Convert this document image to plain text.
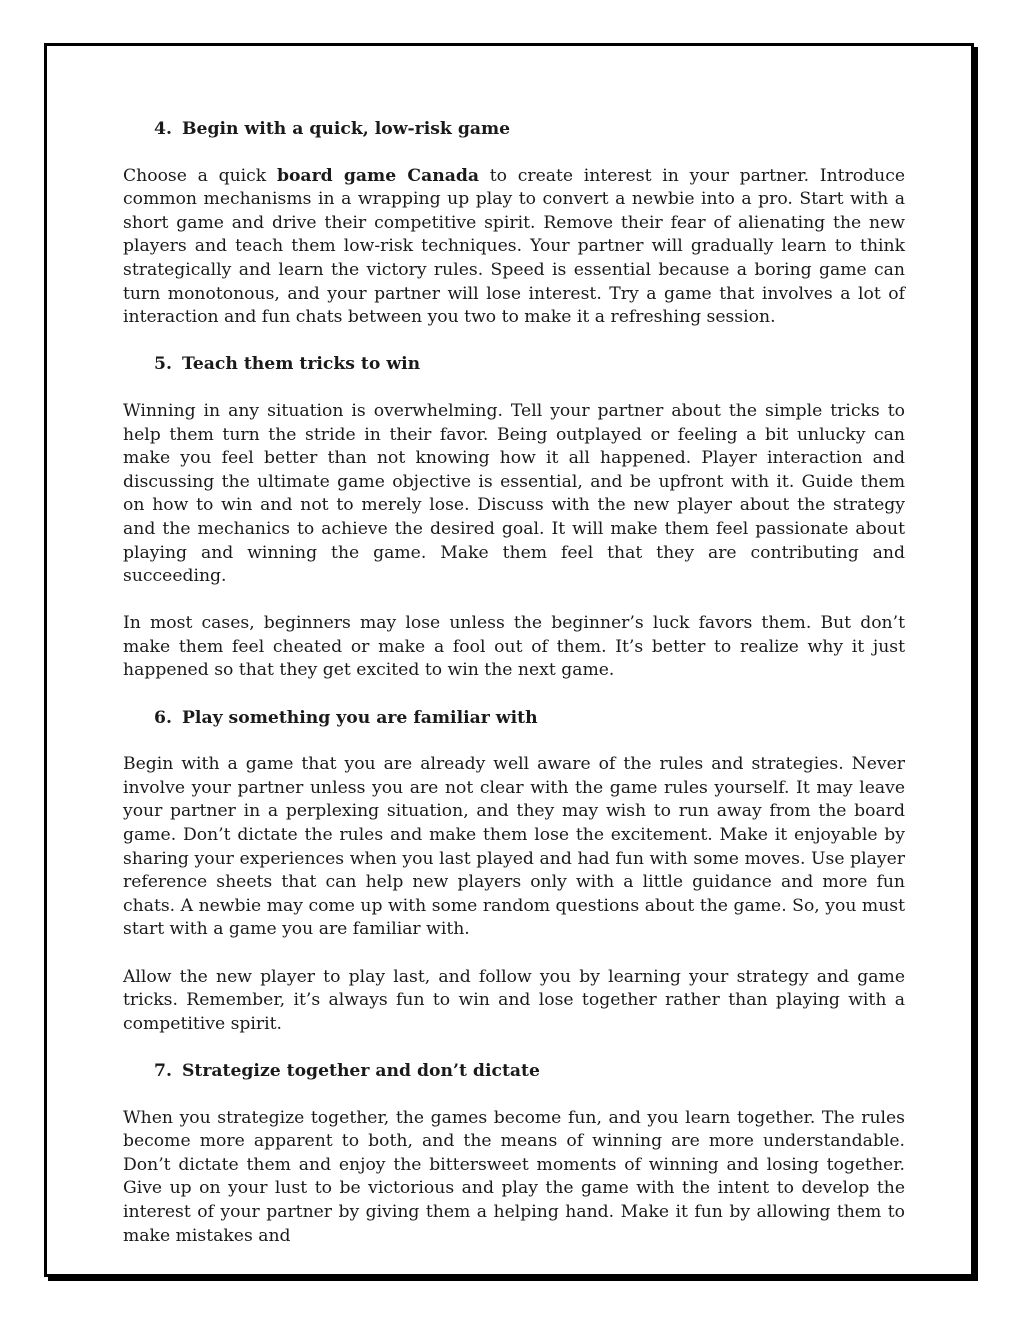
4. Begin with a quick, low-risk game

Choose a quick board game Canada to create interest in your partner. Introduce common mechanisms in a wrapping up play to convert a newbie into a pro. Start with a short game and drive their competitive spirit. Remove their fear of alienating the new players and teach them low-risk techniques. Your partner will gradually learn to think strategically and learn the victory rules. Speed is essential because a boring game can turn monotonous, and your partner will lose interest. Try a game that involves a lot of interaction and fun chats between you two to make it a refreshing session.

5. Teach them tricks to win

Winning in any situation is overwhelming. Tell your partner about the simple tricks to help them turn the stride in their favor. Being outplayed or feeling a bit unlucky can make you feel better than not knowing how it all happened. Player interaction and discussing the ultimate game objective is essential, and be upfront with it. Guide them on how to win and not to merely lose. Discuss with the new player about the strategy and the mechanics to achieve the desired goal. It will make them feel passionate about playing and winning the game. Make them feel that they are contributing and succeeding.

In most cases, beginners may lose unless the beginner’s luck favors them. But don’t make them feel cheated or make a fool out of them. It’s better to realize why it just happened so that they get excited to win the next game.

6. Play something you are familiar with

Begin with a game that you are already well aware of the rules and strategies. Never involve your partner unless you are not clear with the game rules yourself. It may leave your partner in a perplexing situation, and they may wish to run away from the board game. Don’t dictate the rules and make them lose the excitement. Make it enjoyable by sharing your experiences when you last played and had fun with some moves. Use player reference sheets that can help new players only with a little guidance and more fun chats. A newbie may come up with some random questions about the game. So, you must start with a game you are familiar with.

Allow the new player to play last, and follow you by learning your strategy and game tricks. Remember, it’s always fun to win and lose together rather than playing with a competitive spirit.

7. Strategize together and don’t dictate

When you strategize together, the games become fun, and you learn together. The rules become more apparent to both, and the means of winning are more understandable. Don’t dictate them and enjoy the bittersweet moments of winning and losing together. Give up on your lust to be victorious and play the game with the intent to develop the interest of your partner by giving them a helping hand. Make it fun by allowing them to make mistakes and
